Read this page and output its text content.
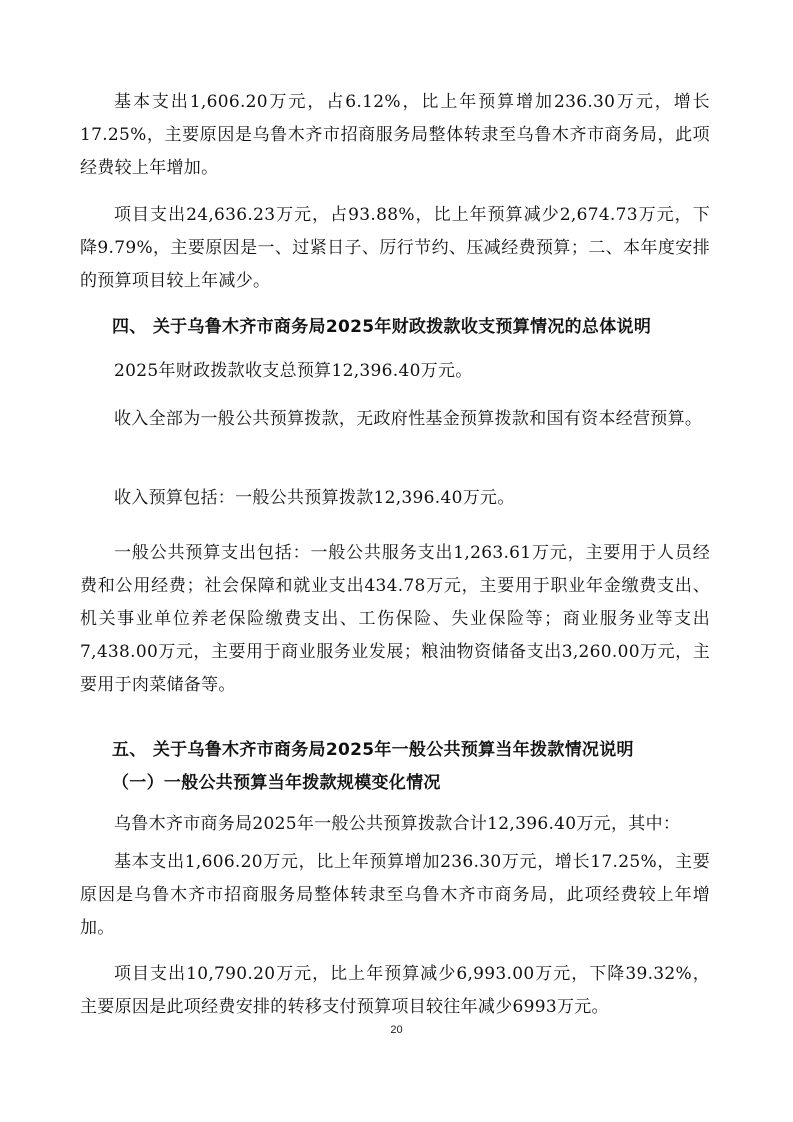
基本支出1,606.20万元，占6.12%，比上年预算增加236.30万元，增长17.25%，主要原因是乌鲁木齐市招商服务局整体转隶至乌鲁木齐市商务局，此项经费较上年增加。

项目支出24,636.23万元，占93.88%，比上年预算减少2,674.73万元，下降9.79%，主要原因是一、过紧日子、厉行节约、压减经费预算；二、本年度安排的预算项目较上年减少。

四、 关于乌鲁木齐市商务局2025年财政拨款收支预算情况的总体说明

2025年财政拨款收支总预算12,396.40万元。

收入全部为一般公共预算拨款，无政府性基金预算拨款和国有资本经营预算。

收入预算包括：一般公共预算拨款12,396.40万元。

一般公共预算支出包括：一般公共服务支出1,263.61万元，主要用于人员经费和公用经费；社会保障和就业支出434.78万元，主要用于职业年金缴费支出、机关事业单位养老保险缴费支出、工伤保险、失业保险等；商业服务业等支出7,438.00万元，主要用于商业服务业发展；粮油物资储备支出3,260.00万元，主要用于肉菜储备等。

五、 关于乌鲁木齐市商务局2025年一般公共预算当年拨款情况说明
（一）一般公共预算当年拨款规模变化情况

乌鲁木齐市商务局2025年一般公共预算拨款合计12,396.40万元，其中：

基本支出1,606.20万元，比上年预算增加236.30万元，增长17.25%，主要原因是乌鲁木齐市招商服务局整体转隶至乌鲁木齐市商务局，此项经费较上年增加。

项目支出10,790.20万元，比上年预算减少6,993.00万元，下降39.32%，主要原因是此项经费安排的转移支付预算项目较往年减少6993万元。

20
